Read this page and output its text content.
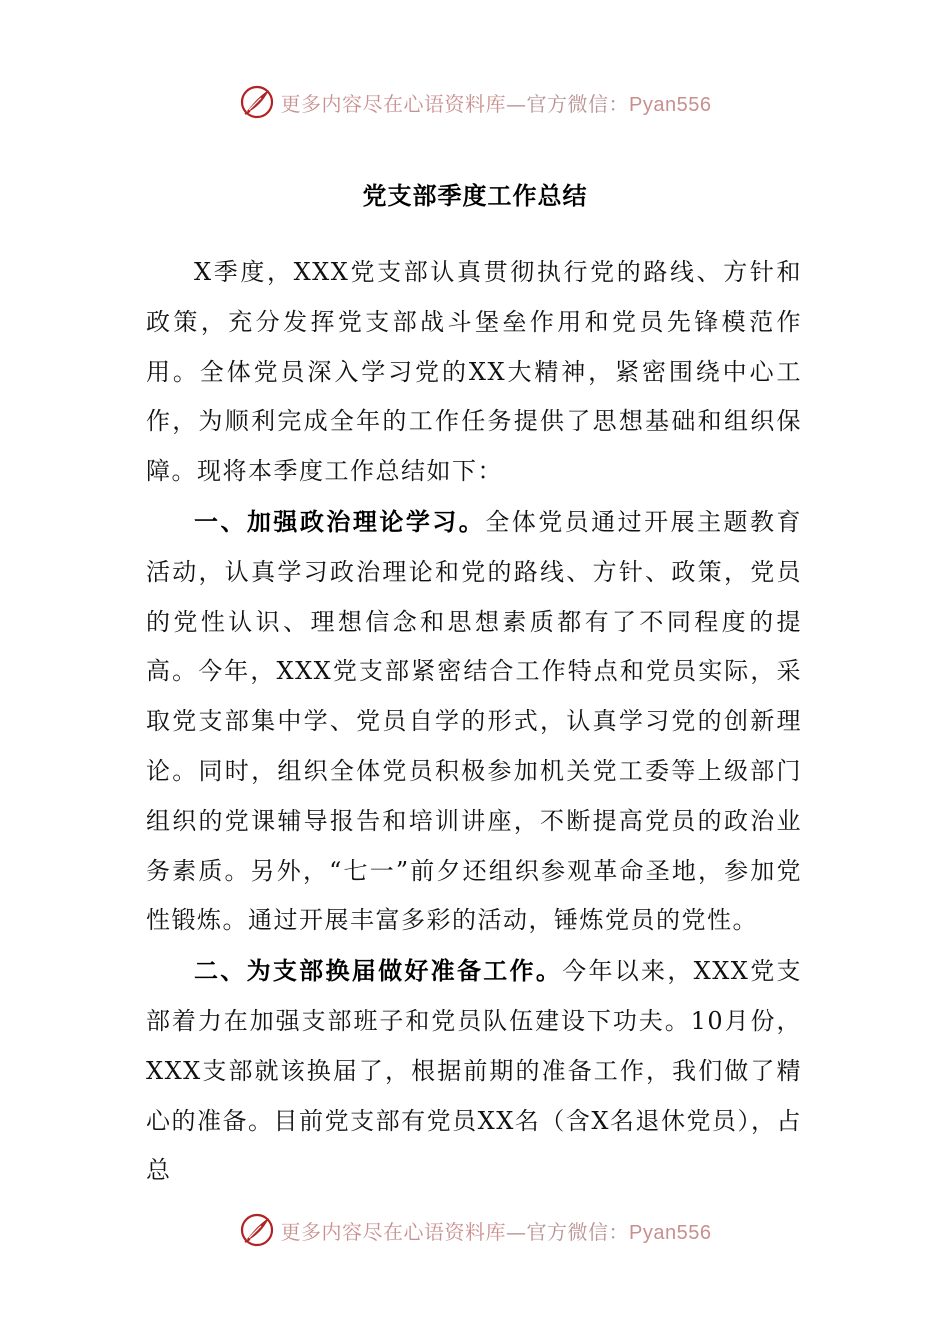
更多内容尽在心语资料库—官方微信：Pyan556
党支部季度工作总结

X季度，XXX党支部认真贯彻执行党的路线、方针和政策，充分发挥党支部战斗堡垒作用和党员先锋模范作用。全体党员深入学习党的XX大精神，紧密围绕中心工作，为顺利完成全年的工作任务提供了思想基础和组织保障。现将本季度工作总结如下：

一、加强政治理论学习。全体党员通过开展主题教育活动，认真学习政治理论和党的路线、方针、政策，党员的党性认识、理想信念和思想素质都有了不同程度的提高。今年，XXX党支部紧密结合工作特点和党员实际，采取党支部集中学、党员自学的形式，认真学习党的创新理论。同时，组织全体党员积极参加机关党工委等上级部门组织的党课辅导报告和培训讲座，不断提高党员的政治业务素质。另外，“七一”前夕还组织参观革命圣地，参加党性锻炼。通过开展丰富多彩的活动，锤炼党员的党性。

二、为支部换届做好准备工作。今年以来，XXX党支部着力在加强支部班子和党员队伍建设下功夫。10月份，XXX支部就该换届了，根据前期的准备工作，我们做了精心的准备。目前党支部有党员XX名（含X名退休党员），占总

更多内容尽在心语资料库—官方微信：Pyan556
